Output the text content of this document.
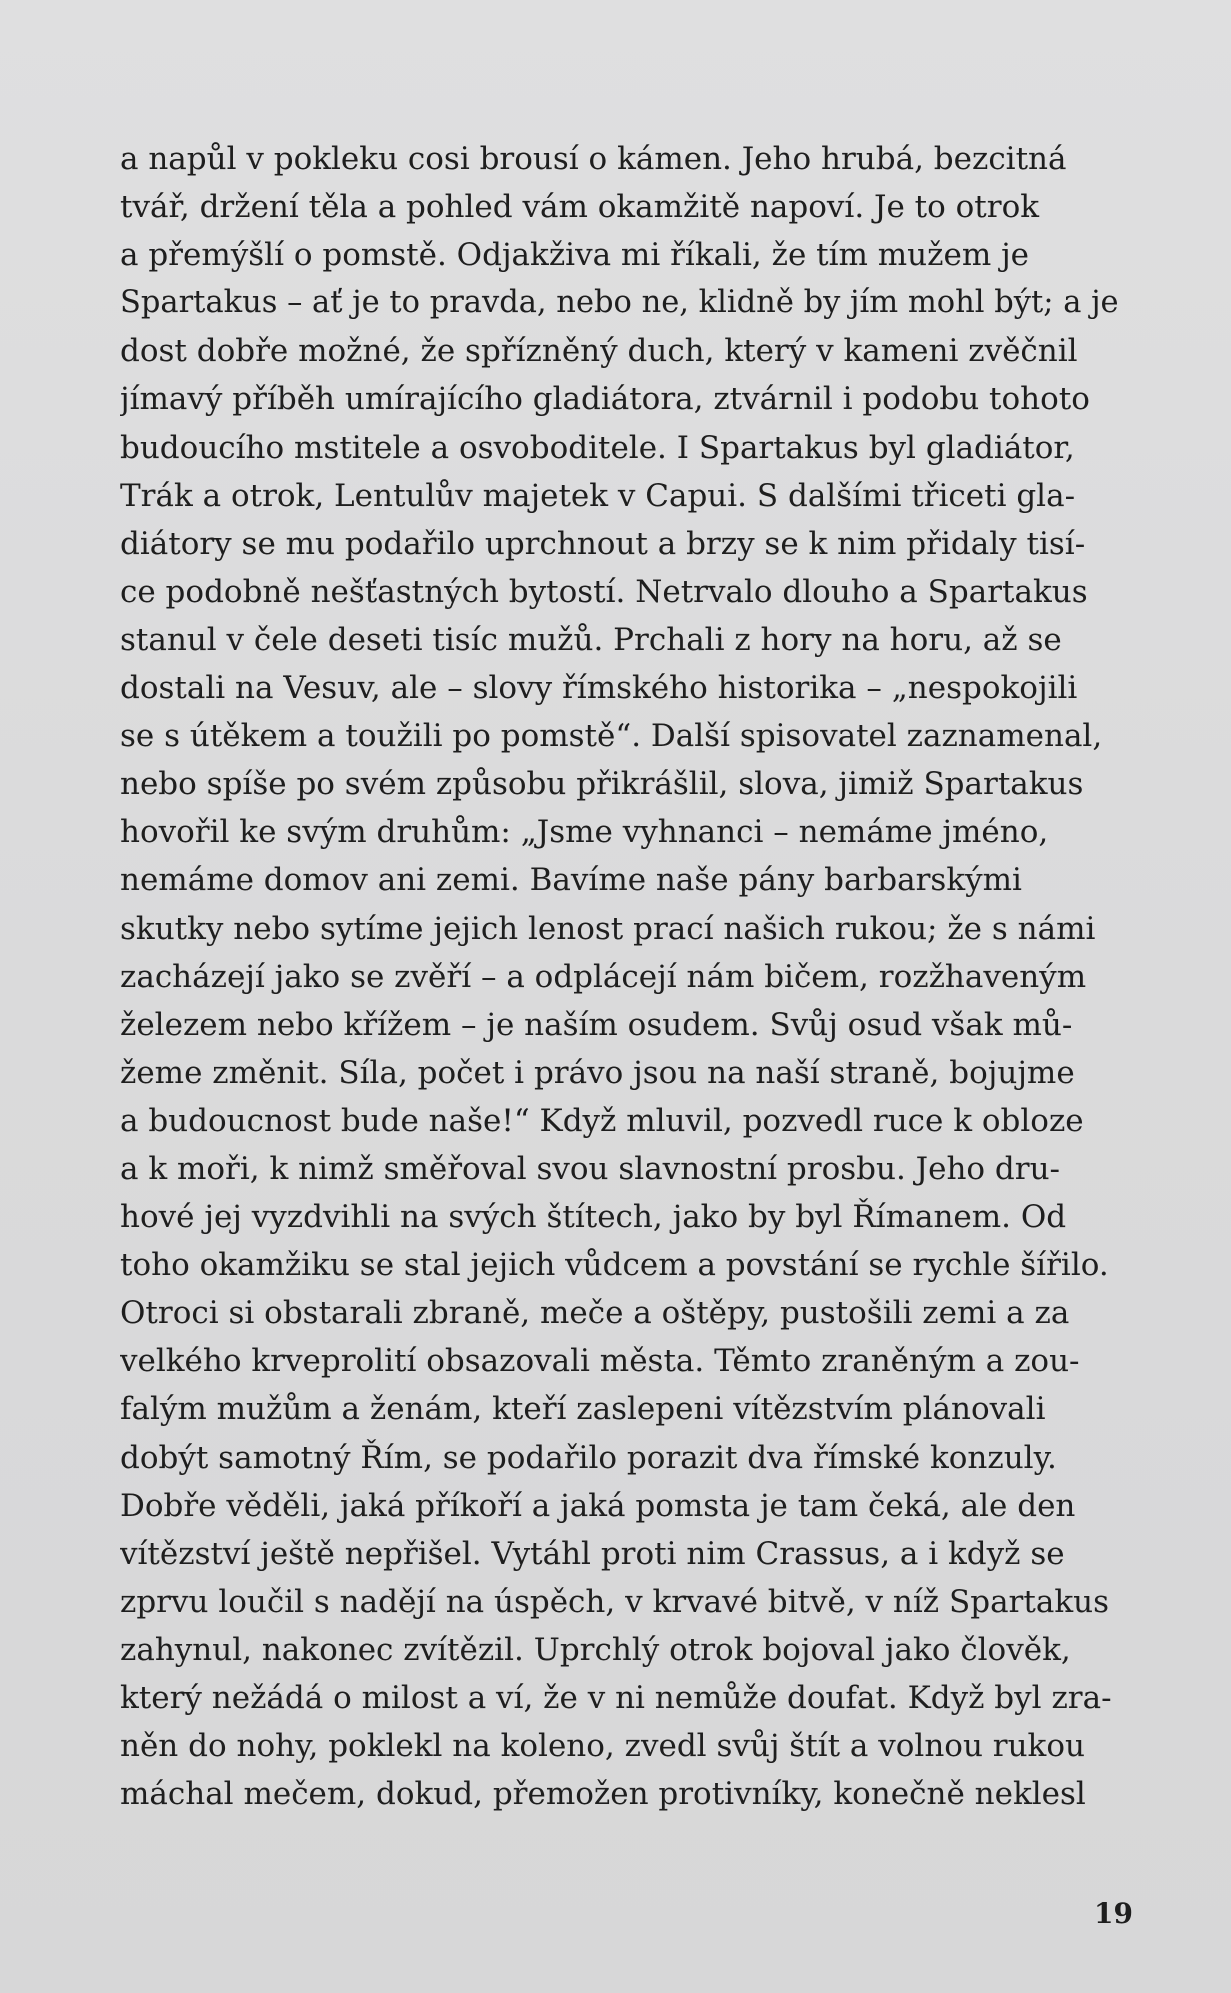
a napůl v pokleku cosi brousí o kámen. Jeho hrubá, bezcitná
tvář, držení těla a pohled vám okamžitě napoví. Je to otrok
a přemýšlí o pomstě. Odjakživa mi říkali, že tím mužem je
Spartakus – ať je to pravda, nebo ne, klidně by jím mohl být; a je
dost dobře možné, že spřízněný duch, který v kameni zvěčnil
jímavý příběh umírajícího gladiátora, ztvárnil i podobu tohoto
budoucího mstitele a osvoboditele. I Spartakus byl gladiátor,
Trák a otrok, Lentulův majetek v Capui. S dalšími třiceti gla-
diátory se mu podařilo uprchnout a brzy se k nim přidaly tisí-
ce podobně nešťastných bytostí. Netrvalo dlouho a Spartakus
stanul v čele deseti tisíc mužů. Prchali z hory na horu, až se
dostali na Vesuv, ale – slovy římského historika – „nespokojili
se s útěkem a toužili po pomstě“. Další spisovatel zaznamenal,
nebo spíše po svém způsobu přikrášlil, slova, jimiž Spartakus
hovořil ke svým druhům: „Jsme vyhnanci – nemáme jméno,
nemáme domov ani zemi. Bavíme naše pány barbarskými
skutky nebo sytíme jejich lenost prací našich rukou; že s námi
zacházejí jako se zvěří – a odplácejí nám bičem, rozžhaveným
železem nebo křížem – je naším osudem. Svůj osud však mů-
žeme změnit. Síla, počet i právo jsou na naší straně, bojujme
a budoucnost bude naše!“ Když mluvil, pozvedl ruce k obloze
a k moři, k nimž směřoval svou slavnostní prosbu. Jeho dru-
hové jej vyzdvihli na svých štítech, jako by byl Římanem. Od
toho okamžiku se stal jejich vůdcem a povstání se rychle šířilo.
Otroci si obstarali zbraně, meče a oštěpy, pustošili zemi a za
velkého krveprolití obsazovali města. Těmto zraněným a zou-
falým mužům a ženám, kteří zaslepeni vítězstvím plánovali
dobýt samotný Řím, se podařilo porazit dva římské konzuly.
Dobře věděli, jaká příkoří a jaká pomsta je tam čeká, ale den
vítězství ještě nepřišel. Vytáhl proti nim Crassus, a i když se
zprvu loučil s nadějí na úspěch, v krvavé bitvě, v níž Spartakus
zahynul, nakonec zvítězil. Uprchlý otrok bojoval jako člověk,
který nežádá o milost a ví, že v ni nemůže doufat. Když byl zra-
něn do nohy, poklekl na koleno, zvedl svůj štít a volnou rukou
máchal mečem, dokud, přemožen protivníky, konečně neklesl
19
